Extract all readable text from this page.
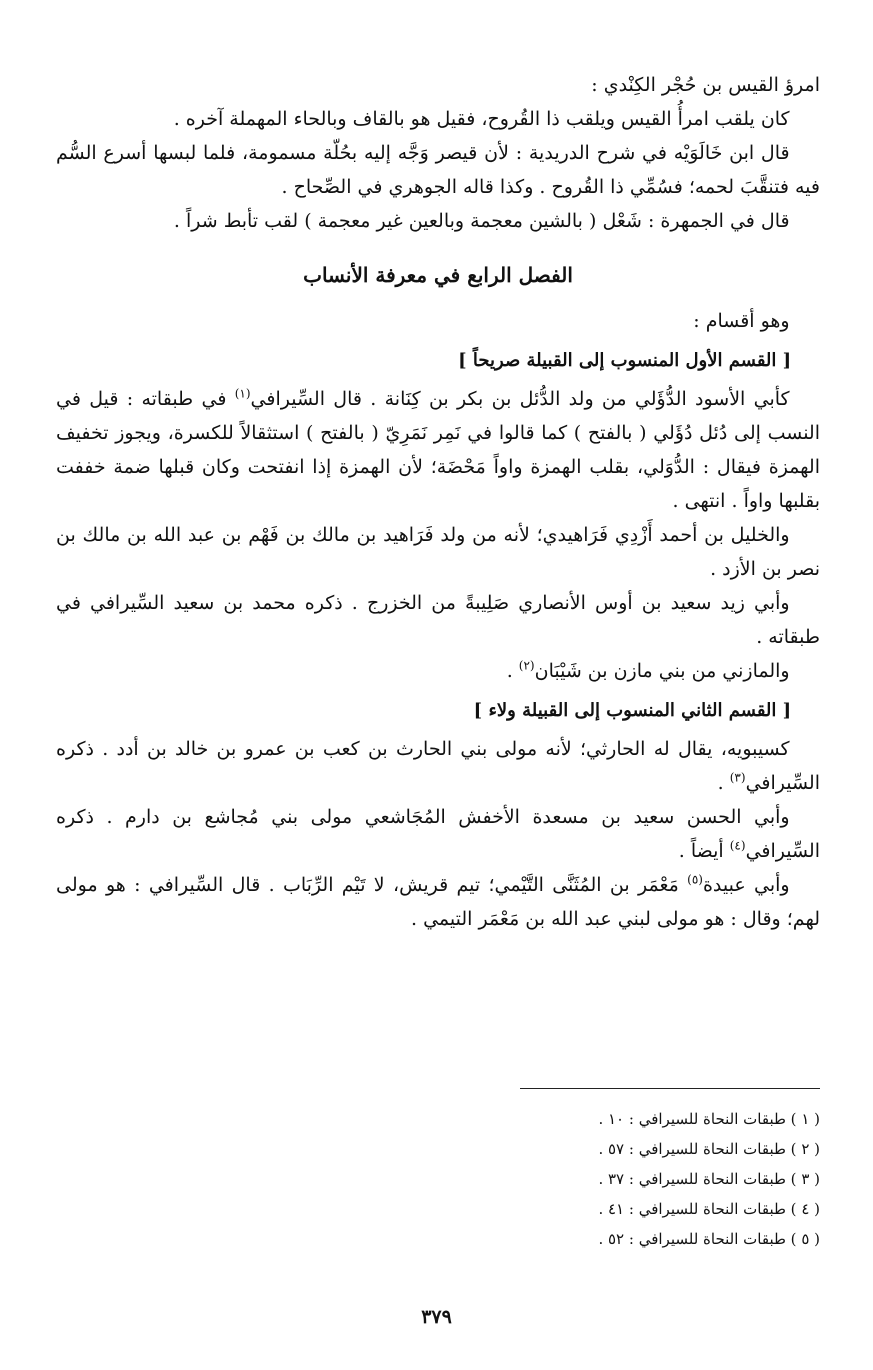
امرؤ القيس بن حُجْر الكِنْدي :

كان يلقب امرأُ القيس ويلقب ذا القُروح، فقيل هو بالقاف وبالحاء المهملة آخره .

قال ابن خَالَوَيْه في شرح الدريدية : لأن قيصر وَجَّه إليه بحُلّة مسمومة، فلما لبسها أسرع السُّم فيه فتنقَّبَ لحمه؛ فسُمِّي ذا القُروح . وكذا قاله الجوهري في الصِّحاح .

قال في الجمهرة : شَعْل ( بالشين معجمة وبالعين غير معجمة ) لقب تأبط شراً .

الفصل الرابع في معرفة الأنساب

وهو أقسام :

[ القسم الأول المنسوب إلى القبيلة صريحاً ]

كأبي الأسود الدُّؤَلي من ولد الدُّئل بن بكر بن كِنَانة . قال السِّيرافي$^{(١)}$ في طبقاته : قيل في النسب إلى دُئل دُؤَلي ( بالفتح ) كما قالوا في نَمِر نَمَرِيّ ( بالفتح ) استثقالاً للكسرة، ويجوز تخفيف الهمزة فيقال : الدُّوَلي، بقلب الهمزة واواً مَحْضَة؛ لأن الهمزة إذا انفتحت وكان قبلها ضمة خففت بقلبها واواً . انتهى .

والخليل بن أحمد أَزْدِي فَرَاهيدي؛ لأنه من ولد فَرَاهيد بن مالك بن فَهْم بن عبد الله بن مالك بن نصر بن الأزد .

وأبي زيد سعيد بن أوس الأنصاري صَلِيبةً من الخزرج . ذكره محمد بن سعيد السِّيرافي في طبقاته .

والمازني من بني مازن بن شَيْبَان$^{(٢)}$ .

[ القسم الثاني المنسوب إلى القبيلة ولاء ]

كسيبويه، يقال له الحارثي؛ لأنه مولى بني الحارث بن كعب بن عمرو بن خالد بن أدد . ذكره السِّيرافي$^{(٣)}$ .

وأبي الحسن سعيد بن مسعدة الأخفش المُجَاشعي مولى بني مُجاشع بن دارم . ذكره السِّيرافي$^{(٤)}$ أيضاً .

وأبي عبيدة$^{(٥)}$ مَعْمَر بن المُثَنَّى التَّيْمي؛ تيم قريش، لا تَيْم الرِّبَاب . قال السِّيرافي : هو مولى لهم؛ وقال : هو مولى لبني عبد الله بن مَعْمَر التيمي .

( ١ ) طبقات النحاة للسيرافي : ١٠ .
( ٢ ) طبقات النحاة للسيرافي : ٥٧ .
( ٣ ) طبقات النحاة للسيرافي : ٣٧ .
( ٤ ) طبقات النحاة للسيرافي : ٤١ .
( ٥ ) طبقات النحاة للسيرافي : ٥٢ .
٣٧٩
